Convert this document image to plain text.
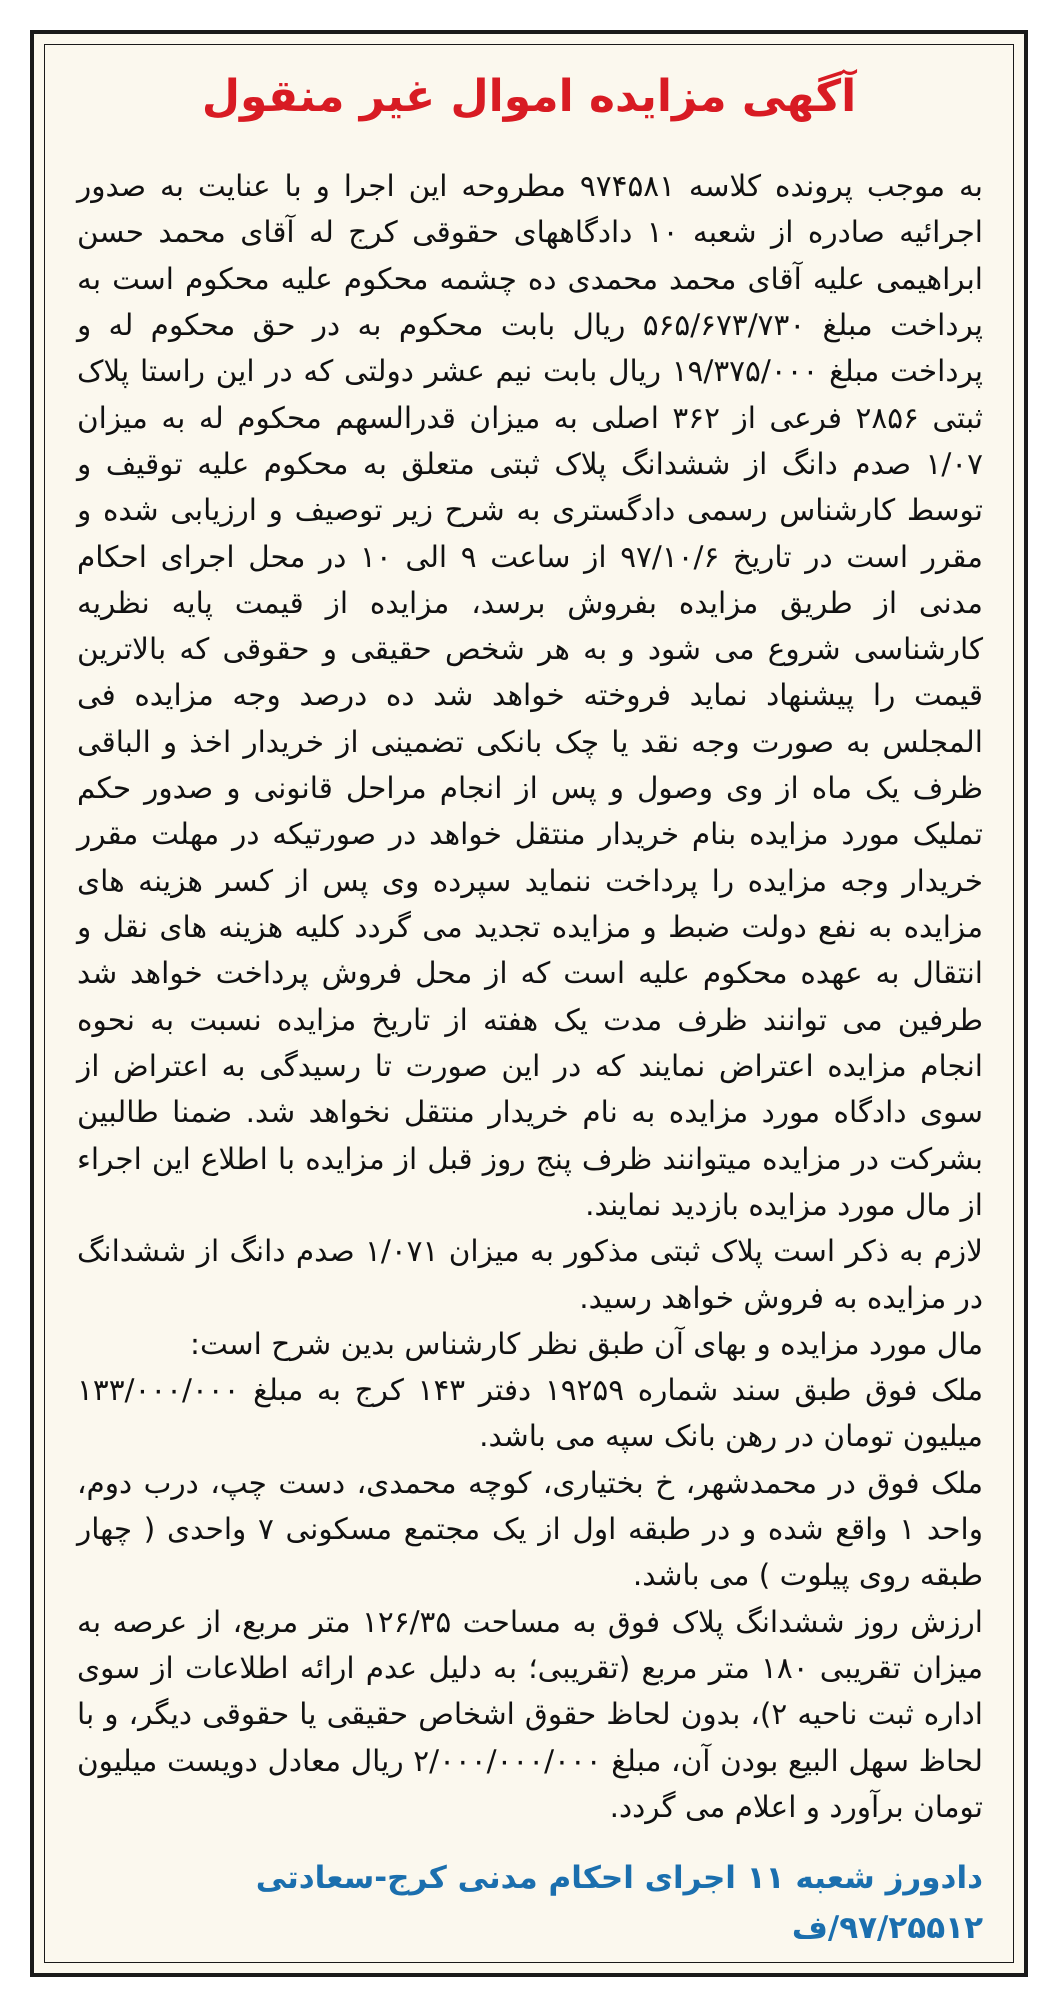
آگهی مزایده اموال غیر منقول

به موجب پرونده کلاسه ۹۷۴۵۸۱ مطروحه این اجرا و با عنایت به صدور اجرائیه صادره از شعبه ۱۰ دادگاههای حقوقی کرج له آقای محمد حسن ابراهیمی علیه آقای محمد محمدی ده چشمه محکوم علیه محکوم است به پرداخت مبلغ ۵۶۵/۶۷۳/۷۳۰ ریال بابت محکوم به در حق محکوم له و پرداخت مبلغ ۱۹/۳۷۵/۰۰۰ ریال بابت نیم عشر دولتی که در این راستا پلاک ثبتی ۲۸۵۶ فرعی از ۳۶۲ اصلی به میزان قدرالسهم محکوم له به میزان ۱/۰۷ صدم دانگ از ششدانگ پلاک ثبتی متعلق به محکوم علیه توقیف و توسط کارشناس رسمی دادگستری به شرح زیر توصیف و ارزیابی شده و مقرر است در تاریخ ۹۷/۱۰/۶ از ساعت ۹ الی ۱۰ در محل اجرای احکام مدنی از طریق مزایده بفروش برسد، مزایده از قیمت پایه نظریه کارشناسی شروع می شود و به هر شخص حقیقی و حقوقی که بالاترین قیمت را پیشنهاد نماید فروخته خواهد شد ده درصد وجه مزایده فی المجلس به صورت وجه نقد یا چک بانکی تضمینی از خریدار اخذ و الباقی ظرف یک ماه از وی وصول و پس از انجام مراحل قانونی و صدور حکم تملیک مورد مزایده بنام خریدار منتقل خواهد در صورتیکه در مهلت مقرر خریدار وجه مزایده را پرداخت ننماید سپرده وی پس از کسر هزینه های مزایده به نفع دولت ضبط و مزایده تجدید می گردد کلیه هزینه های نقل و انتقال به عهده محکوم علیه است که از محل فروش پرداخت خواهد شد طرفین می توانند ظرف مدت یک هفته از تاریخ مزایده نسبت به نحوه انجام مزایده اعتراض نمایند که در این صورت تا رسیدگی به اعتراض از سوی دادگاه مورد مزایده به نام خریدار منتقل نخواهد شد. ضمنا طالبین بشرکت در مزایده میتوانند ظرف پنج روز قبل از مزایده با اطلاع این اجراء از مال مورد مزایده بازدید نمایند.

لازم به ذکر است پلاک ثبتی مذکور به میزان ۱/۰۷۱ صدم دانگ از ششدانگ در مزایده به فروش خواهد رسید.

مال مورد مزایده و بهای آن طبق نظر کارشناس بدین شرح است:

ملک فوق طبق سند شماره ۱۹۲۵۹ دفتر ۱۴۳ کرج به مبلغ ۱۳۳/۰۰۰/۰۰۰ میلیون تومان در رهن بانک سپه می باشد.

ملک فوق در محمدشهر، خ بختیاری، کوچه محمدی، دست چپ، درب دوم، واحد ۱ واقع شده و در طبقه اول از یک مجتمع مسکونی ۷ واحدی ( چهار طبقه روی پیلوت ) می باشد.

ارزش روز ششدانگ پلاک فوق به مساحت ۱۲۶/۳۵ متر مربع، از عرصه به میزان تقریبی ۱۸۰ متر مربع (تقریبی؛ به دلیل عدم ارائه اطلاعات از سوی اداره ثبت ناحیه ۲)، بدون لحاظ حقوق اشخاص حقیقی یا حقوقی دیگر، و با لحاظ سهل البیع بودن آن، مبلغ ۲/۰۰۰/۰۰۰/۰۰۰ ریال معادل دویست میلیون تومان برآورد و اعلام می گردد.

دادورز شعبه ۱۱ اجرای احکام مدنی کرج-سعادتی
۹۷/۲۵۵۱۲/ف
